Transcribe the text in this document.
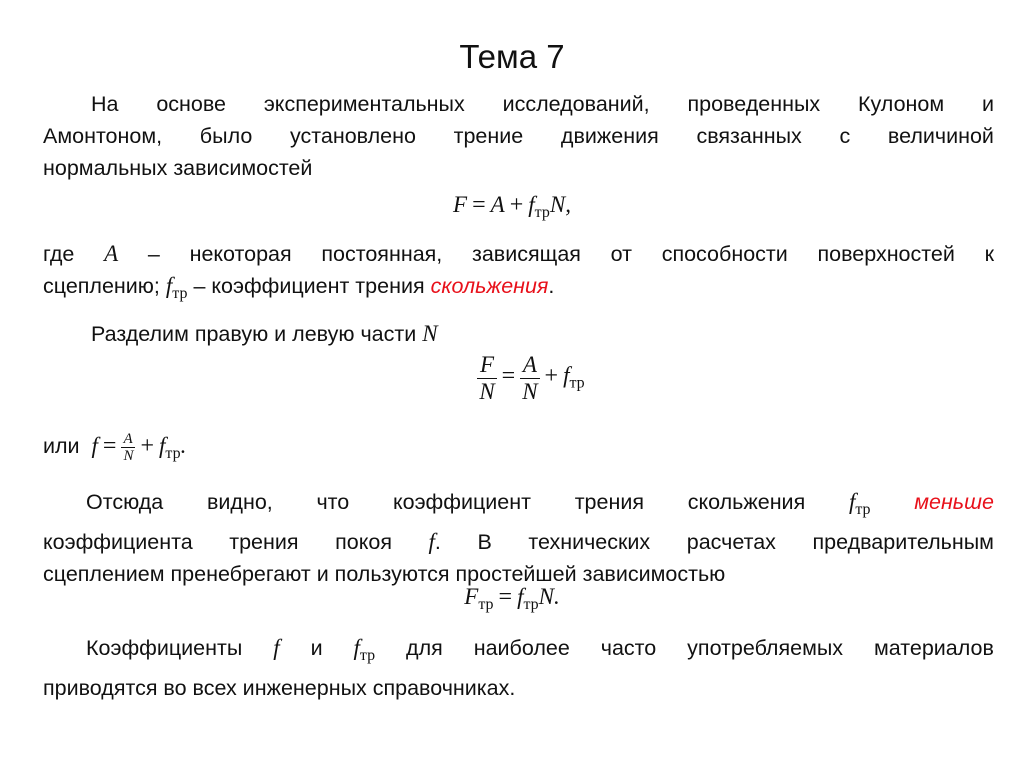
Тема 7
На основе экспериментальных исследований, проведенных Кулоном и
Амонтоном, было установлено трение движения связанных с величиной
нормальных зависимостей
F = A + fтрN,
где A – некоторая постоянная, зависящая от способности поверхностей к
сцеплению; $f_{тр}$ – коэффициент трения скольжения.
Разделим правую и левую части N
$\frac{F}{N} = \frac{A}{N}$ + fтр
или $f = \frac{A}{N} + f_{тр}$.
Отсюда видно, что коэффициент трения скольжения $f_{тр}$ меньше
коэффициента трения покоя f. В технических расчетах предварительным
сцеплением пренебрегают и пользуются простейшей зависимостью
Fтр = fтрN.
Коэффициенты f и $f_{тр}$ для наиболее часто употребляемых материалов
приводятся во всех инженерных справочниках.
